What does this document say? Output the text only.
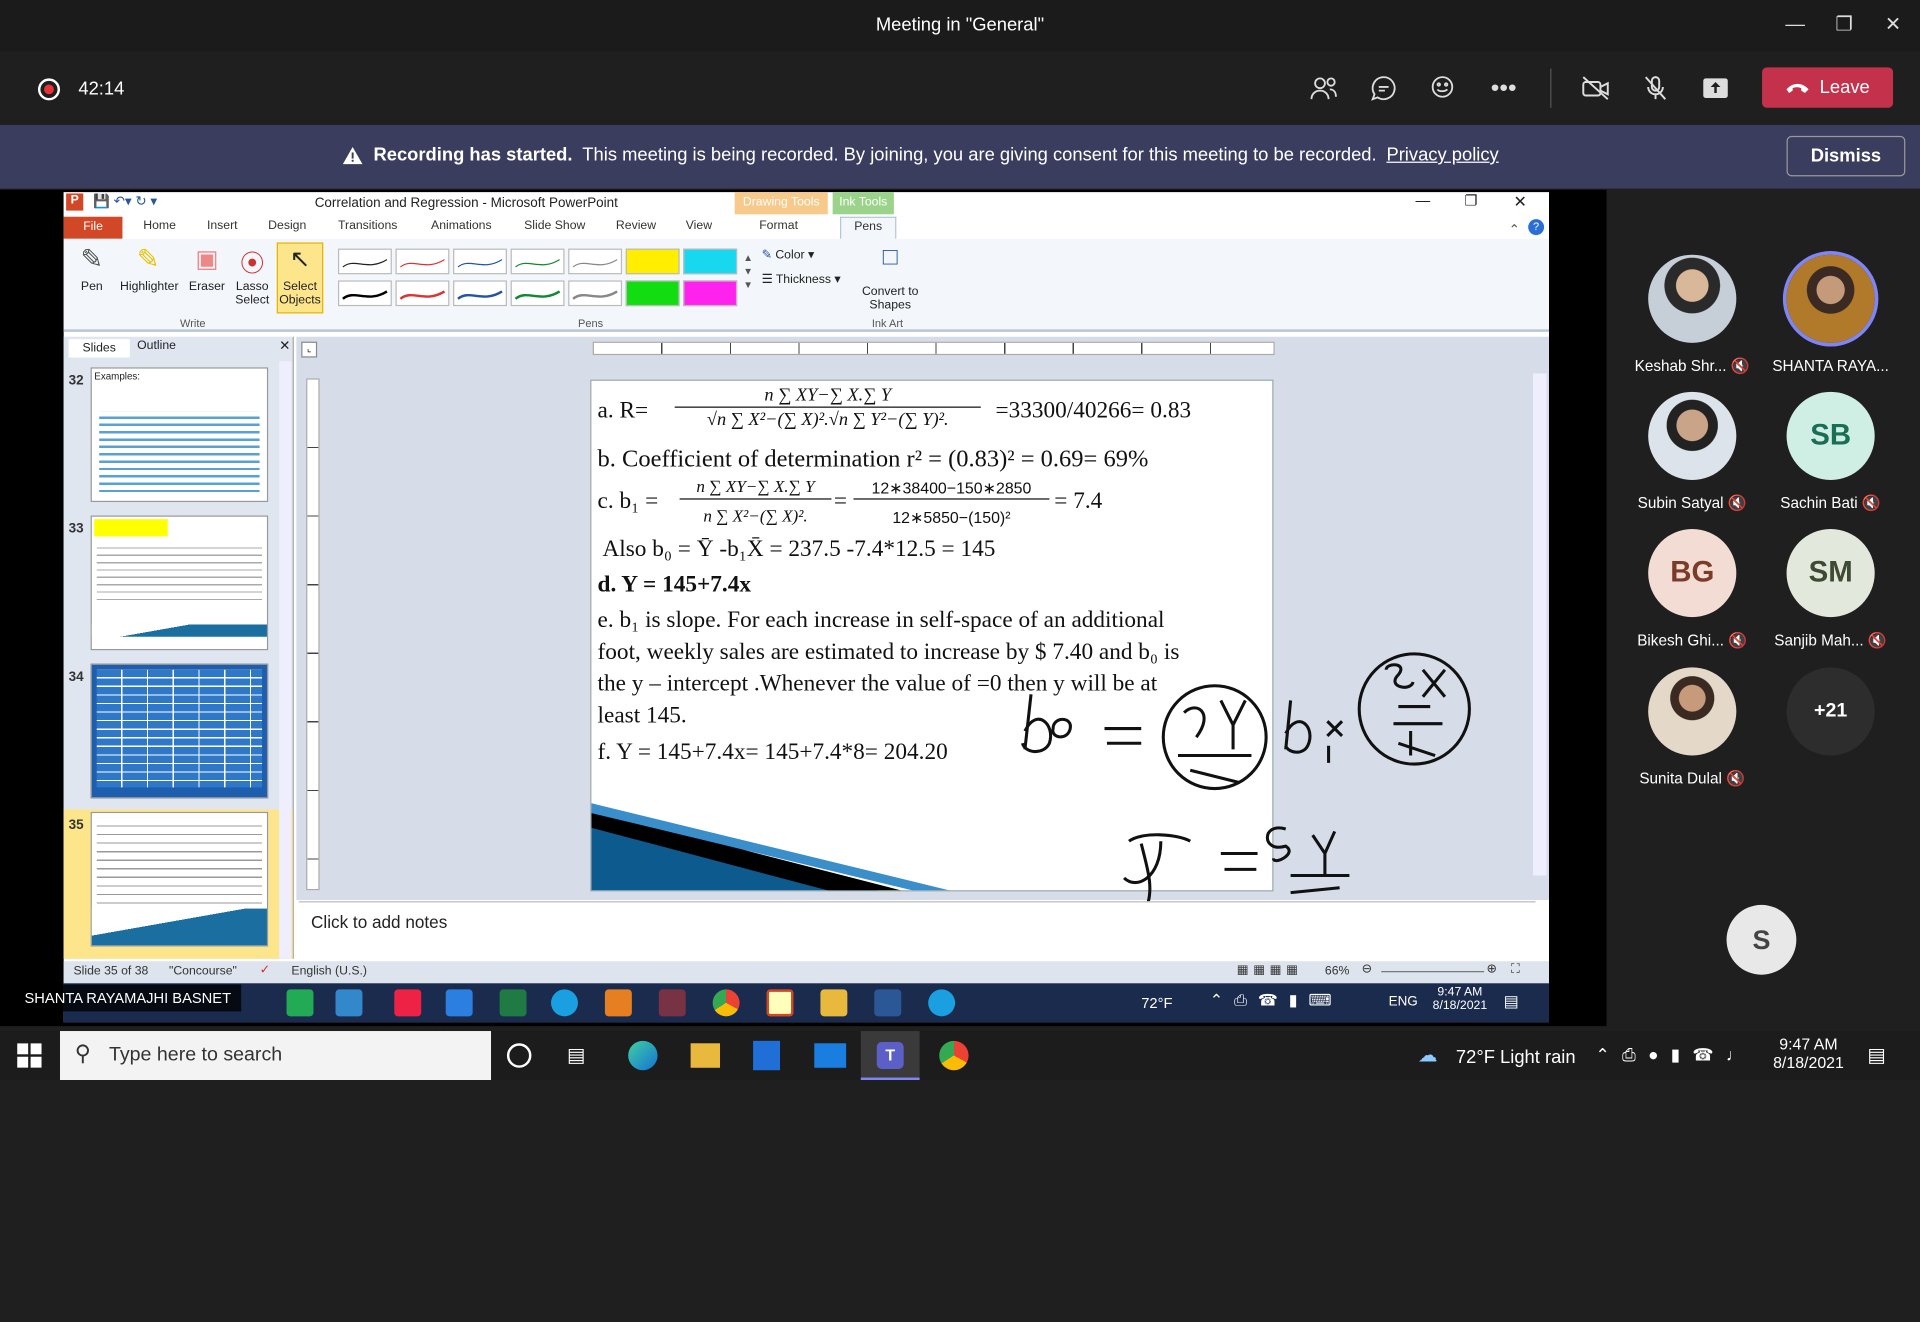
Meeting in "General"	—	❐	✕
42:14	•••	Leave
Recording has started. This meeting is being recorded. By joining, you are giving consent for this meeting to be recorded. Privacy policy	Dismiss
P	💾 ↶▾ ↻ ▾	Correlation and Regression - Microsoft PowerPoint	Drawing Tools	Ink Tools	—	❐	✕
File	Home	Insert	Design	Transitions	Animations	Slide Show	Review	View	Format	Pens
✎
Pen
✎
Highlighter
▣
Eraser
⦿
Lasso Select
↖
Select Objects
Write
▲
▼
▼
Pens
✎ Color ▾
☰ Thickness ▾
□
Convert to Shapes
Ink Art
⌃	?
Slides	Outline	✕
32	Examples:
33
34
35
⌞
a. R=
n ∑ XY−∑ X.∑ Y
√n ∑ X²−(∑ X)².√n ∑ Y²−(∑ Y)².	=33300/40266= 0.83
b. Coefficient of determination r² = (0.83)² = 0.69= 69%
c. b₁ =
n ∑ XY−∑ X.∑ Y
n ∑ X²−(∑ X)².
=
12∗38400−150∗2850
12∗5850−(150)²
= 7.4
Also b₀ = Ȳ -b₁X̄ = 237.5 -7.4*12.5 = 145
d. Y = 145+7.4x
e. b₁ is slope. For each increase in self-space of an additional
foot, weekly sales are estimated to increase by $ 7.40 and b₀ is
the y – intercept .Whenever the value of =0 then y will be at
least 145.
f. Y = 145+7.4x= 145+7.4*8= 204.20
Click to add notes
Slide 35 of 38 "Concourse" ✓ English (U.S.)	▦▦▦▦ 66% ⊖	⊕ ⛶
72°F	⌃⎙☎▮⌨	ENG
9:47 AM
8/18/2021 ▤
SHANTA RAYAMAJHI BASNET
Keshab Shr... 🔇 SHANTA RAYA...
Subin Satyal 🔇
SB
Sachin Bati 🔇
BG
Bikesh Ghi... 🔇
SM
Sanjib Mah... 🔇
Sunita Dulal 🔇
+21
S
⚲ Type here to search	▤	T	☁ 72°F Light rain ⌃⎙●▮☎♩
9:47 AM
8/18/2021 ▤
